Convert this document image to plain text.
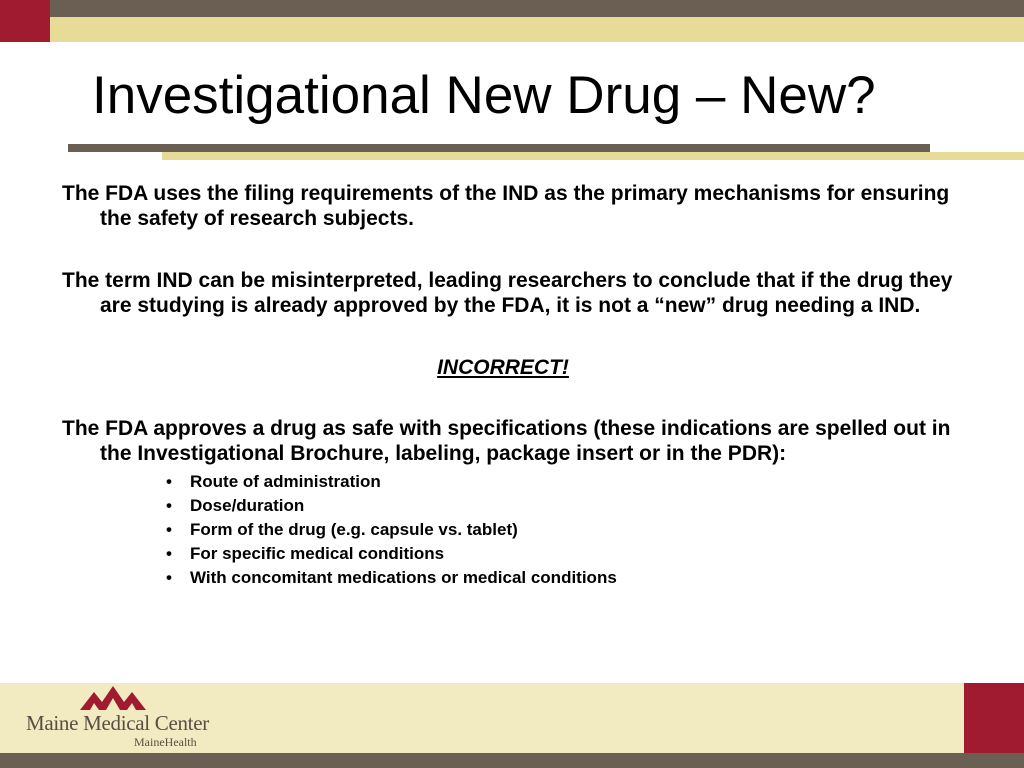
Investigational New Drug – New?

The FDA uses the filing requirements of the IND as the primary mechanisms for ensuring the safety of research subjects.

The term IND can be misinterpreted, leading researchers to conclude that if the drug they are studying is already approved by the FDA, it is not a “new” drug needing a IND.

INCORRECT!

The FDA approves a drug as safe with specifications (these indications are spelled out in the Investigational Brochure, labeling, package insert or in the PDR):

• Route of administration
• Dose/duration
• Form of the drug (e.g. capsule vs. tablet)
• For specific medical conditions
• With concomitant medications or medical conditions
Maine Medical Center
MaineHealth
